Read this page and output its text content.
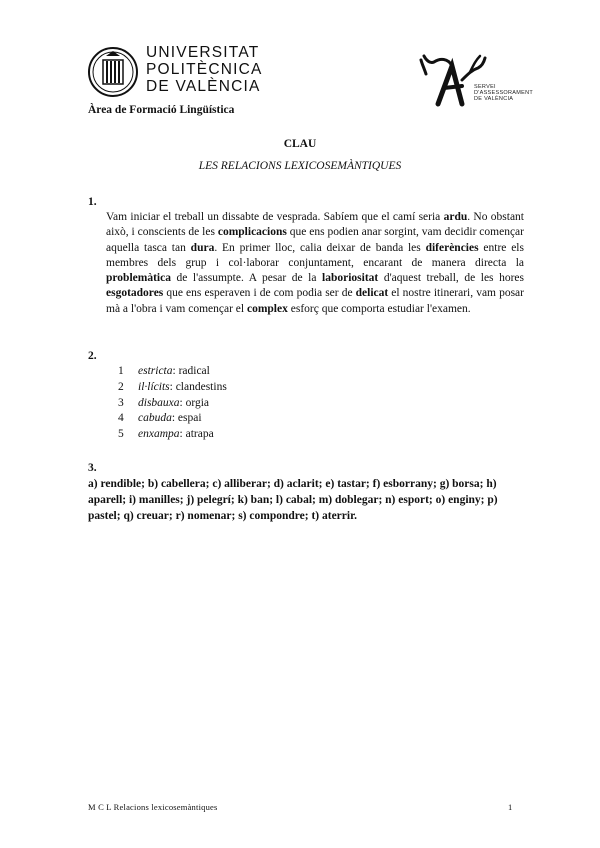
UNIVERSITAT
POLITÈCNICA
DE VALÈNCIA
Àrea de Formació Lingüística
SERVEI
D'ASSESSORAMENT
DE VALÈNCIA
CLAU
LES RELACIONS LEXICOSEMÀNTIQUES
1.
Vam iniciar el treball un dissabte de vesprada. Sabíem que el camí seria ardu. No obstant això, i conscients de les complicacions que ens podien anar sorgint, vam decidir començar aquella tasca tan dura. En primer lloc, calia deixar de banda les diferències entre els membres dels grup i col·laborar conjuntament, encarant de manera directa la problemàtica de l'assumpte. A pesar de la laboriositat d'aquest treball, de les hores esgotadores que ens esperaven i de com podia ser de delicat el nostre itinerari, vam posar mà a l'obra i vam començar el complex esforç que comporta estudiar l'examen.
2.
1	estricta : radical
2	il·lícits : clandestins
3	disbauxa : orgia
4	cabuda : espai
5	enxampa : atrapa
3.
a) rendible; b) cabellera; c) alliberar; d) aclarit; e) tastar; f) esborrany; g) borsa; h) aparell; i) manilles; j) pelegrí; k) ban; l) cabal; m) doblegar; n) esport; o) enginy; p) pastel; q) creuar; r) nomenar; s) compondre; t) aterrir.
M C L Relacions lexicosemàntiques	1
